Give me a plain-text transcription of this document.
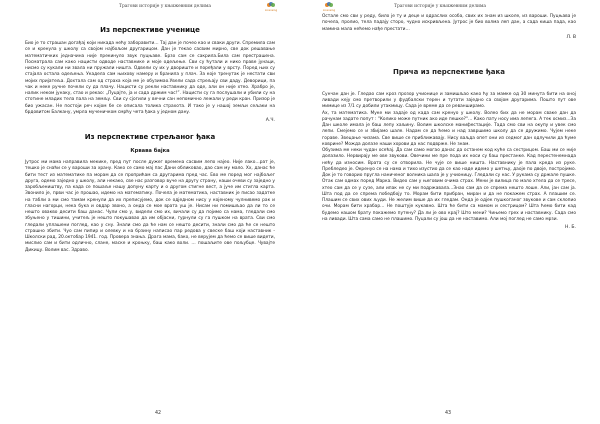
Трагови историје у књижевним делима
Licensing
Из перспективе ученице

Био је то страшан догађај који никада нећу заборавити… Тај дан је почео као и сваки други. Спремила сам се и кренула у школу са својом најбољом другарицом. Дан је текао сасвим мирно, све док решавање математичких једначина није прекинуло звук пуцњаве. Брзо сам се сакрила.Била сам престрашена. Посматрала сам како нацисти одводе наставнике и моје одељење. Сви су ћутали и нико праве јунаци, нисмо су кукали ни звала ни пружали ништа. Одвели су их у двориште и поређали у врсту. Поред њих су стајала остала одељења. Укадела сам њихову намеру и бранила у плач. За које тренутак је нестати сви мојих пријатеља. Дохтала сам од страха која ме је обузимао.Увели сада стрељају сви даду. Деворици, па чак и неке ручне почели су да плачу. Нацисти су рекли наставнику да оде, али он није хтео. Храбро је, налик неком јунаку, стао и рекао: „Пуцајте, ја и сада држим час!”. Нацисти су га послушали и убили су на стотине младих тела пала на земљу. Сви су сјогили у вечни сан непомично лежали у реди кран. Призор је био ужасан. Не постоји реч којом бе се описала толика страхота. И тако је у нашој земљи сељаки на брдовитом Балкану, умрла мученичком смрћу чета ђака у једном дану.

А.Ч.
Из перспективе стрељаног ђака
Крвава бајка

Јутрос ми мама направила мекике, пред пут после дужег времена сасвим лепо најео. Није лако…рат је, тешко је снаћи се у вароши за храну. Како се само мај пас Дани обликовао, дао сам му мало. Хх, данас ће бити тест из математике па морам да се проприћам са другарима пред час. Ево ме поред мог најбољег друга, одемо заједно у школу, али некако, све нас разговор вуче на другу страну, наши очеви су заједно у заробљеништву, па када се пошаље нашу допуну карту и о другом стигне вест, а јуче им стигла карта. Звонило је, први час је прошао, идемо на математику. Почела је математика, наставник је писао задатке на табли а ми смо тамам кренули да их преписујемо, док се одједном нису у којеному чулнивемо рак и гласни нагорци, нека бука и овдар звоно, а онда се мое врата уш је. Нисам ни помишљао да ли то се нешто овакво десити баш данас. Чули смо у, видели смо их, вичали су да појимо са нама, гледали смо збуњено у тишини, учитељ је нешто покушавао да им објасни, гурнули су га пушком на врата. Сви смо гледали уплашени поглед, као у сну. Знали смо да ће нам се нешто десити, знали смо да ће се нешто страшно збити. Чуо сам пипир и олевку и на брзину написао пар редова у свеске баш који наставник - Школски рад, 20.октобар 1941. год. Провера знања. Драга мама, бако, не верујем да ћемо се више видети, мислио сам и бити одлично, слане, маске и кроњку, баш како воли. … пошаљите ове пољубце. Чувајте Дикицу. Волим вас. Здраво.

42
Трагови историје у књижевним делима
Licensing

Остале смо сви у реду, било је ту и деце и одраслих особа, свих их знам из школе, из вароши. Пуцњава је почела, пролио, тела падају сторо, чудно искривљена. Јутрос је био волма леп дан, а сада киша пада, као мамина мала нећемо нађе престати…

Л. В
Прича из перспективе ђака

Сунчан дан је. Гледао сам кроз прозор учионице и замишљао како ћу за мамке од 30 минута бити на оној ливади кеју смо претворили у фудбалски терен и тутати заједно са својом другарима. Пошто пут ове мимице из 7/1 су добили утакмицу. Сада је време да се реванширамо.

Ах, та математика. Муке ми задаје од када сам кренуо у школу. Волео бих да не морам сваке дан да рачунам задате попут : "Колико може путник ако иде пешке?"… Како пату носу има лепега. А тек осмиз…За Дан школе имала је баш лепу хаљину. Волим школске манифестације. Тада смо сви на окупу и увек смо лепи. Смејемо се и збијамо шале. Надам се да ћемо и над завршимо школу да се дружимо. Чујем неке гораве. Звецање чизама. Све више се приближавају. Нису ваљда опет они из седмог дан одлучили да ћуме коврине? Можда долазе наши хорови да нас подврже. Не знам.

Обузима ме неки чудан осећај. Да сам само могао данас да останем код куће са сестрицом. Баш ми се није долазило. Нервирају ме ове звукови. Овечини ме пре пода их носи су баш престанке. Кад перестенемнада нећу да износим. Врата су се отворила. Не чује се више ништа. Наставнику је пала креда из руке. Пребледео је. Окренуо се на нама и тихо изустио да се као наде идемо у шетњу, даоје по двоје, постројимо. Док је то говорио пругла наниченог волника шала је у учионицу. Гледали су нас. У рукама су држале пушке. Отак сам одмах поред Марка. Видео сам у његовим очима страх. Мени је вилица по мало хтела да се тресе, хтео сам да се у сузе, али ипак не су ми подржавала…Знао сам да се спрема нешто лоше. Али, јан сам ја. Шта под да се спрема победбоју то. Морам бити прибран, миран и да не покажем страх. А плашим се. Плашим се свих ових људи. Не желим више да их гледам. Онда је одјек пушкоганог звукове и сам склопио очи. Морам бити храбар… Не поштује кукавно. Шта ће бити са мамом и сестрицом? Шта ћемо бити кад будемо нашом брату покажемо путену? Да ли је ово крај? Што мени? Чињемо грех и наставнику. Сада смо на ливади. Шта сама само не плашимо. Пуцали су још да не наставимо. Али мој поглед не само мрзи.

Н. Б.
43
